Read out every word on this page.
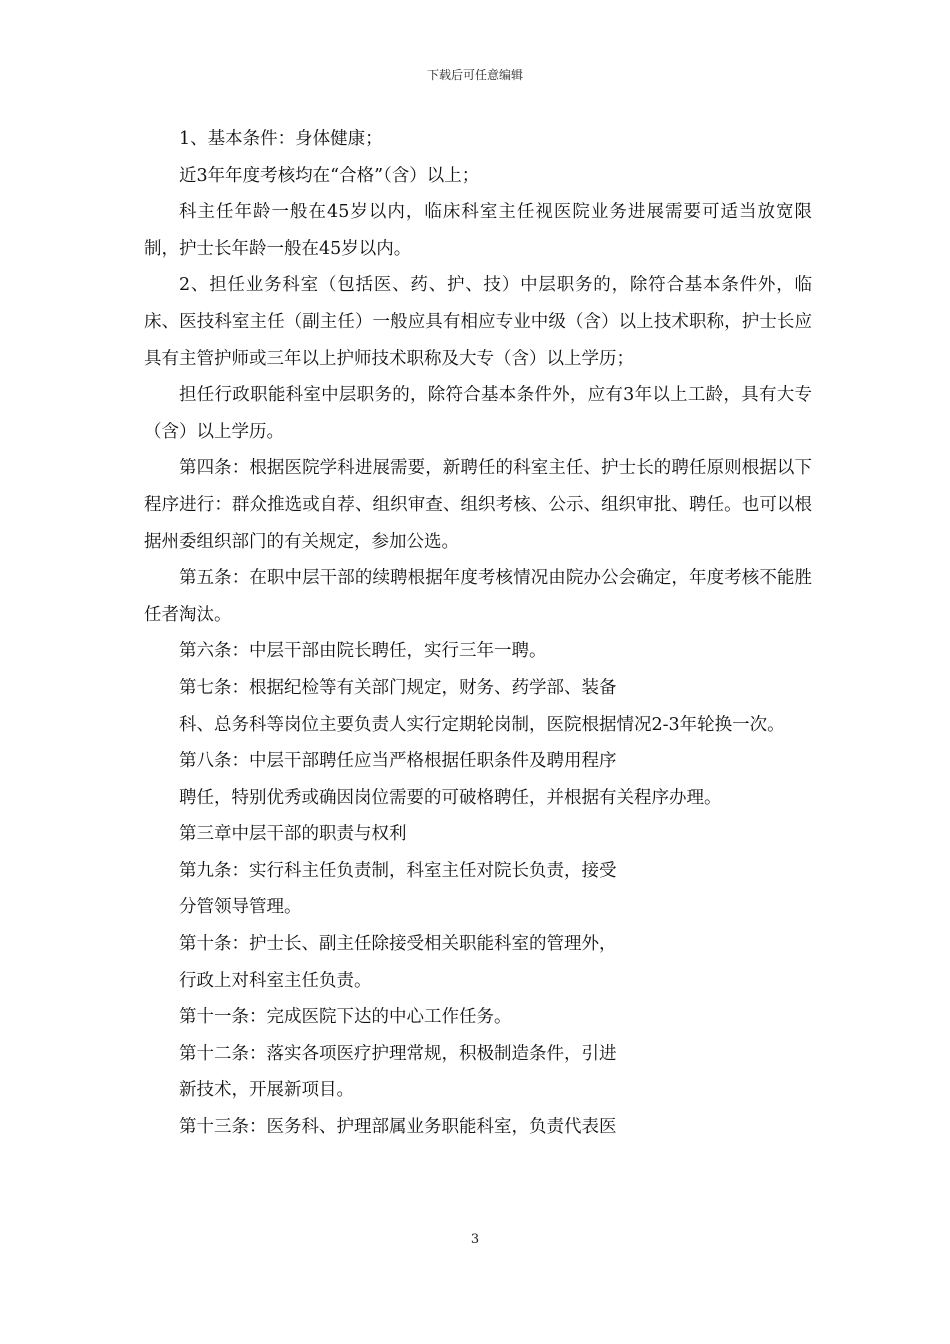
下载后可任意编辑

1、基本条件：身体健康；

近3年年度考核均在“合格”（含）以上；

科主任年龄一般在45岁以内，临床科室主任视医院业务进展需要可适当放宽限制，护士长年龄一般在45岁以内。

2、担任业务科室（包括医、药、护、技）中层职务的，除符合基本条件外，临床、医技科室主任（副主任）一般应具有相应专业中级（含）以上技术职称，护士长应具有主管护师或三年以上护师技术职称及大专（含）以上学历；

担任行政职能科室中层职务的，除符合基本条件外，应有3年以上工龄，具有大专（含）以上学历。

第四条：根据医院学科进展需要，新聘任的科室主任、护士长的聘任原则根据以下程序进行：群众推选或自荐、组织审查、组织考核、公示、组织审批、聘任。也可以根据州委组织部门的有关规定，参加公选。

第五条：在职中层干部的续聘根据年度考核情况由院办公会确定，年度考核不能胜任者淘汰。

第六条：中层干部由院长聘任，实行三年一聘。

第七条：根据纪检等有关部门规定，财务、药学部、装备

科、总务科等岗位主要负责人实行定期轮岗制，医院根据情况2-3年轮换一次。

第八条：中层干部聘任应当严格根据任职条件及聘用程序

聘任，特别优秀或确因岗位需要的可破格聘任，并根据有关程序办理。

第三章中层干部的职责与权利

第九条：实行科主任负责制，科室主任对院长负责，接受

分管领导管理。

第十条：护士长、副主任除接受相关职能科室的管理外，

行政上对科室主任负责。

第十一条：完成医院下达的中心工作任务。

第十二条：落实各项医疗护理常规，积极制造条件，引进

新技术，开展新项目。

第十三条：医务科、护理部属业务职能科室，负责代表医

3
